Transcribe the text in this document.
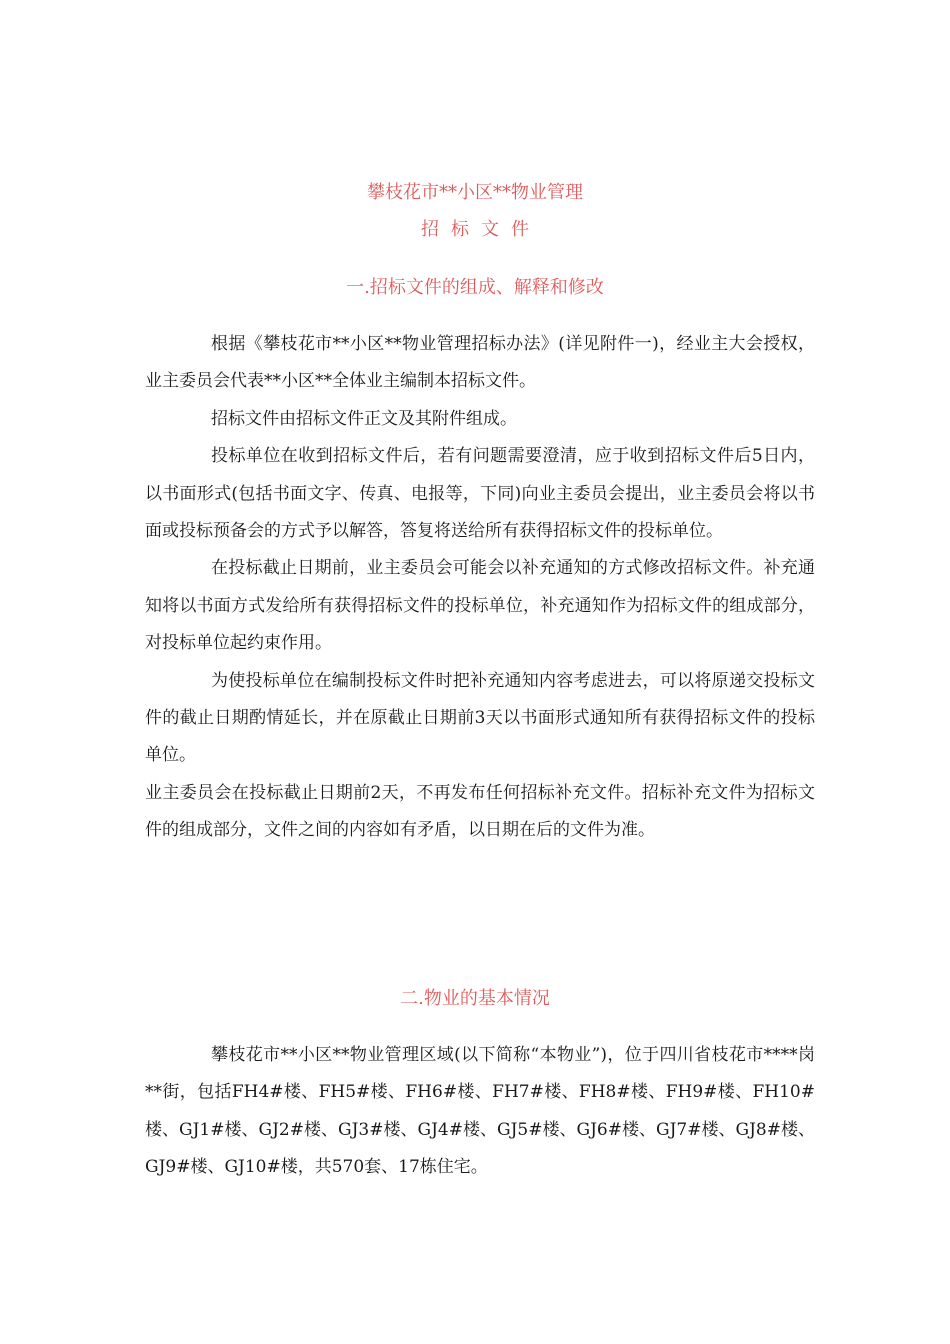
攀枝花市**小区**物业管理
招标文件
一.招标文件的组成、解释和修改

根据《攀枝花市**小区**物业管理招标办法》(详见附件一)，经业主大会授权，业主委员会代表**小区**全体业主编制本招标文件。

招标文件由招标文件正文及其附件组成。

投标单位在收到招标文件后，若有问题需要澄清，应于收到招标文件后5日内，以书面形式(包括书面文字、传真、电报等，下同)向业主委员会提出，业主委员会将以书面或投标预备会的方式予以解答，答复将送给所有获得招标文件的投标单位。

在投标截止日期前，业主委员会可能会以补充通知的方式修改招标文件。补充通知将以书面方式发给所有获得招标文件的投标单位，补充通知作为招标文件的组成部分，对投标单位起约束作用。

为使投标单位在编制投标文件时把补充通知内容考虑进去，可以将原递交投标文件的截止日期酌情延长，并在原截止日期前3天以书面形式通知所有获得招标文件的投标单位。

业主委员会在投标截止日期前2天，不再发布任何招标补充文件。招标补充文件为招标文件的组成部分，文件之间的内容如有矛盾，以日期在后的文件为准。

二.物业的基本情况

攀枝花市**小区**物业管理区域(以下简称“本物业”)，位于四川省枝花市****岗**街，包括FH4#楼、FH5#楼、FH6#楼、FH7#楼、FH8#楼、FH9#楼、FH10#楼、GJ1#楼、GJ2#楼、GJ3#楼、GJ4#楼、GJ5#楼、GJ6#楼、GJ7#楼、GJ8#楼、GJ9#楼、GJ10#楼，共570套、17栋住宅。
